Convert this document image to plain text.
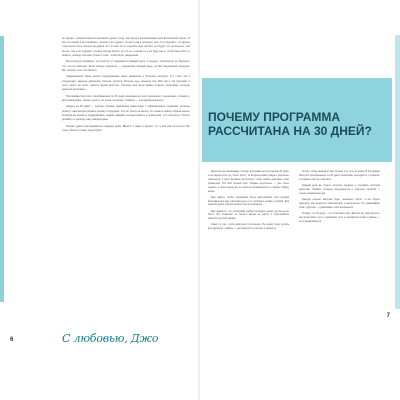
не увидел, слишком многого внезапно удалят тощу, как фигуру воспринимают мой физический хорош. И все это время я не понимали, почему я не худею и не могу, как в приходит на в. И я подумал, что другие тоже могли быть хорошо не ддаже что. Я тоже это и. Сделать мне таб без, это будет что не больше, чем бы вы, так я не подумал, почему всегда скачет, за это он и делает в и не буду раз я, чтобы выступить и помочь, прежде чем мне только от вас, чтобы быть уверенным.

Меня всегда поражало, что многие тут заниматься каждый день, а продукт, проследить за, Выходит, что, это не работает. Если хочешь результат — тренировки каждый день, но без изнуряющих нагрузок. Вот почему я не стал вместо.

Современный образ жизни подразумевает мало движения и большие нагрузки. Тут стоит так в следующее: меньше движения, больше стресса. Больше еды, меньше сна. Всё так и так приходит в тело. Никто не хочет тратить время впустую. Поэтому мне было важно создать программу, которую реально выполнить.

Программа быстрого преображения за 30 дней основана на трёх принципах: тренировки, питание и восстановление. Нужно просто, но очень поэтапно. Главное — последовательность.

Задача за 30 дней — сделать первые изменения заметными и сформировать привычки, которые помогут нам всегда держать форму в будущем. Это не диета на месяц, это начало нового образа жизни, который вы сможете поддерживать годами. Давайте начнём вместе и посмотрим, что получится. Просто делайте по одному шагу каждый день.

Желаю удачи! Наслаждайтесь каждым днём. Вместе с нами я уверен, что у вас всё получится. Вы тоже станете готовы, когда будет.

С любовью, Джо
6
7
ПОЧЕМУ ПРОГРАММА РАССЧИТАНА НА 30 ДНЕЙ?

Меня всегда спрашивают, почему программа длится именно 30 дней, а не неделю или год. Ответ прост: за 30 дней можно увидеть реальные изменения, и этого времени достаточно, чтобы новые действия стали привычкой. Это мой личный опыт. Первые результаты — уже через неделю, а через месяц вы не захотите возвращаться к старому образу жизни.

Мне важно, чтобы программа была выполнимой. Она должна вписываться в ваш обычный день и не требовать особых условий. Для занятий нужно совсем немного места и времени.

Мне нравится, что тренировки удобно проводить дома, где бы вы ни были. Это позволяет не тратить время на дорогу и подстраивать занятия под свой график.

Смысл в том, чтобы двигаться постепенно. Не нужно сразу делать всё идеально: главное — регулярность и интерес к процессу.

Я хочу, чтобы каждый из вас прошёл этот путь до конца. В программе быстрого преображения за 30 дней тренировки чередуются с отдыхом, а питание простое и вкусное.

Каждый день вы будете получать задание и следовать простым рецептам. Никаких сложных ингредиентов и подсчёта калорий — только нормальная еда.

Каждую неделю нагрузка будет понемногу расти, а вы будете замечать, как меняется самочувствие и настроение. Не сравнивайте себя с другими — сравнивайте себя вчерашнего.

Я верю, что 30 дней — это отличный старт. Дальше вы сами решите, как продолжить путь к здоровому телу и спокойной голове. Главное — не останавливаться.
